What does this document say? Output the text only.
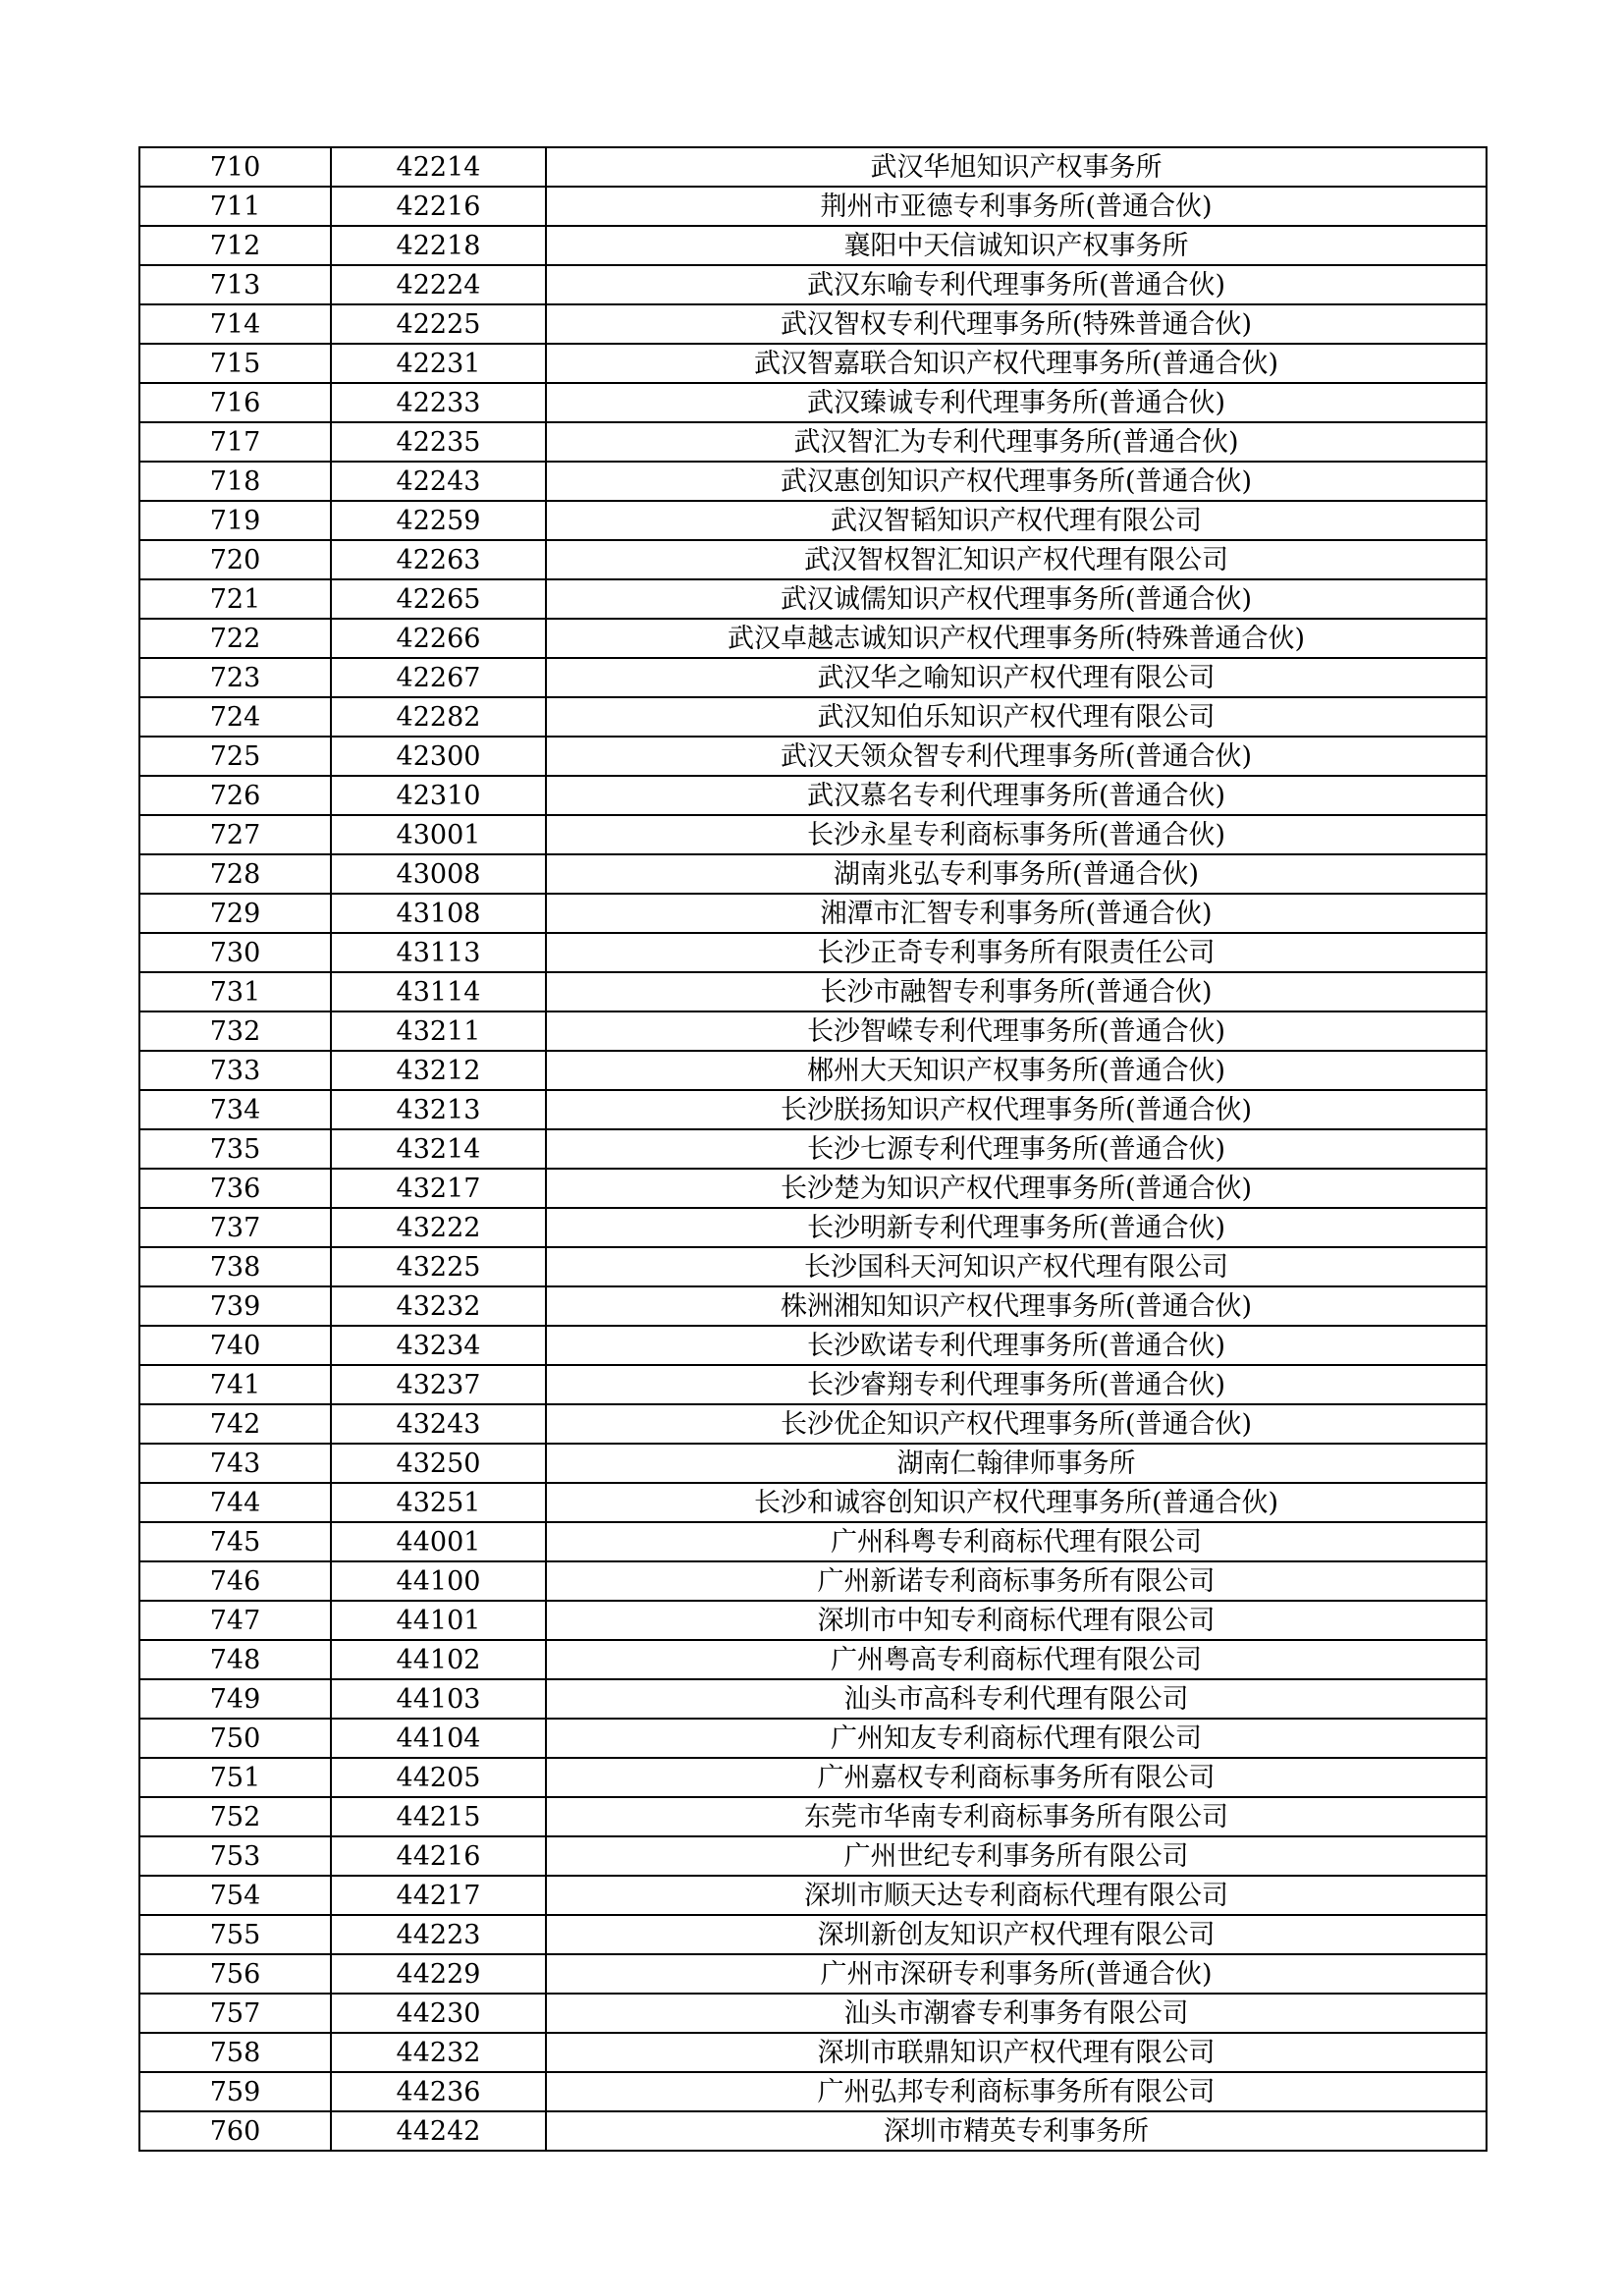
710	42214	武汉华旭知识产权事务所
711	42216	荆州市亚德专利事务所(普通合伙)
712	42218	襄阳中天信诚知识产权事务所
713	42224	武汉东喻专利代理事务所(普通合伙)
714	42225	武汉智权专利代理事务所(特殊普通合伙)
715	42231	武汉智嘉联合知识产权代理事务所(普通合伙)
716	42233	武汉臻诚专利代理事务所(普通合伙)
717	42235	武汉智汇为专利代理事务所(普通合伙)
718	42243	武汉惠创知识产权代理事务所(普通合伙)
719	42259	武汉智韬知识产权代理有限公司
720	42263	武汉智权智汇知识产权代理有限公司
721	42265	武汉诚儒知识产权代理事务所(普通合伙)
722	42266	武汉卓越志诚知识产权代理事务所(特殊普通合伙)
723	42267	武汉华之喻知识产权代理有限公司
724	42282	武汉知伯乐知识产权代理有限公司
725	42300	武汉天领众智专利代理事务所(普通合伙)
726	42310	武汉慕名专利代理事务所(普通合伙)
727	43001	长沙永星专利商标事务所(普通合伙)
728	43008	湖南兆弘专利事务所(普通合伙)
729	43108	湘潭市汇智专利事务所(普通合伙)
730	43113	长沙正奇专利事务所有限责任公司
731	43114	长沙市融智专利事务所(普通合伙)
732	43211	长沙智嵘专利代理事务所(普通合伙)
733	43212	郴州大天知识产权事务所(普通合伙)
734	43213	长沙朕扬知识产权代理事务所(普通合伙)
735	43214	长沙七源专利代理事务所(普通合伙)
736	43217	长沙楚为知识产权代理事务所(普通合伙)
737	43222	长沙明新专利代理事务所(普通合伙)
738	43225	长沙国科天河知识产权代理有限公司
739	43232	株洲湘知知识产权代理事务所(普通合伙)
740	43234	长沙欧诺专利代理事务所(普通合伙)
741	43237	长沙睿翔专利代理事务所(普通合伙)
742	43243	长沙优企知识产权代理事务所(普通合伙)
743	43250	湖南仁翰律师事务所
744	43251	长沙和诚容创知识产权代理事务所(普通合伙)
745	44001	广州科粤专利商标代理有限公司
746	44100	广州新诺专利商标事务所有限公司
747	44101	深圳市中知专利商标代理有限公司
748	44102	广州粤高专利商标代理有限公司
749	44103	汕头市高科专利代理有限公司
750	44104	广州知友专利商标代理有限公司
751	44205	广州嘉权专利商标事务所有限公司
752	44215	东莞市华南专利商标事务所有限公司
753	44216	广州世纪专利事务所有限公司
754	44217	深圳市顺天达专利商标代理有限公司
755	44223	深圳新创友知识产权代理有限公司
756	44229	广州市深研专利事务所(普通合伙)
757	44230	汕头市潮睿专利事务有限公司
758	44232	深圳市联鼎知识产权代理有限公司
759	44236	广州弘邦专利商标事务所有限公司
760	44242	深圳市精英专利事务所
